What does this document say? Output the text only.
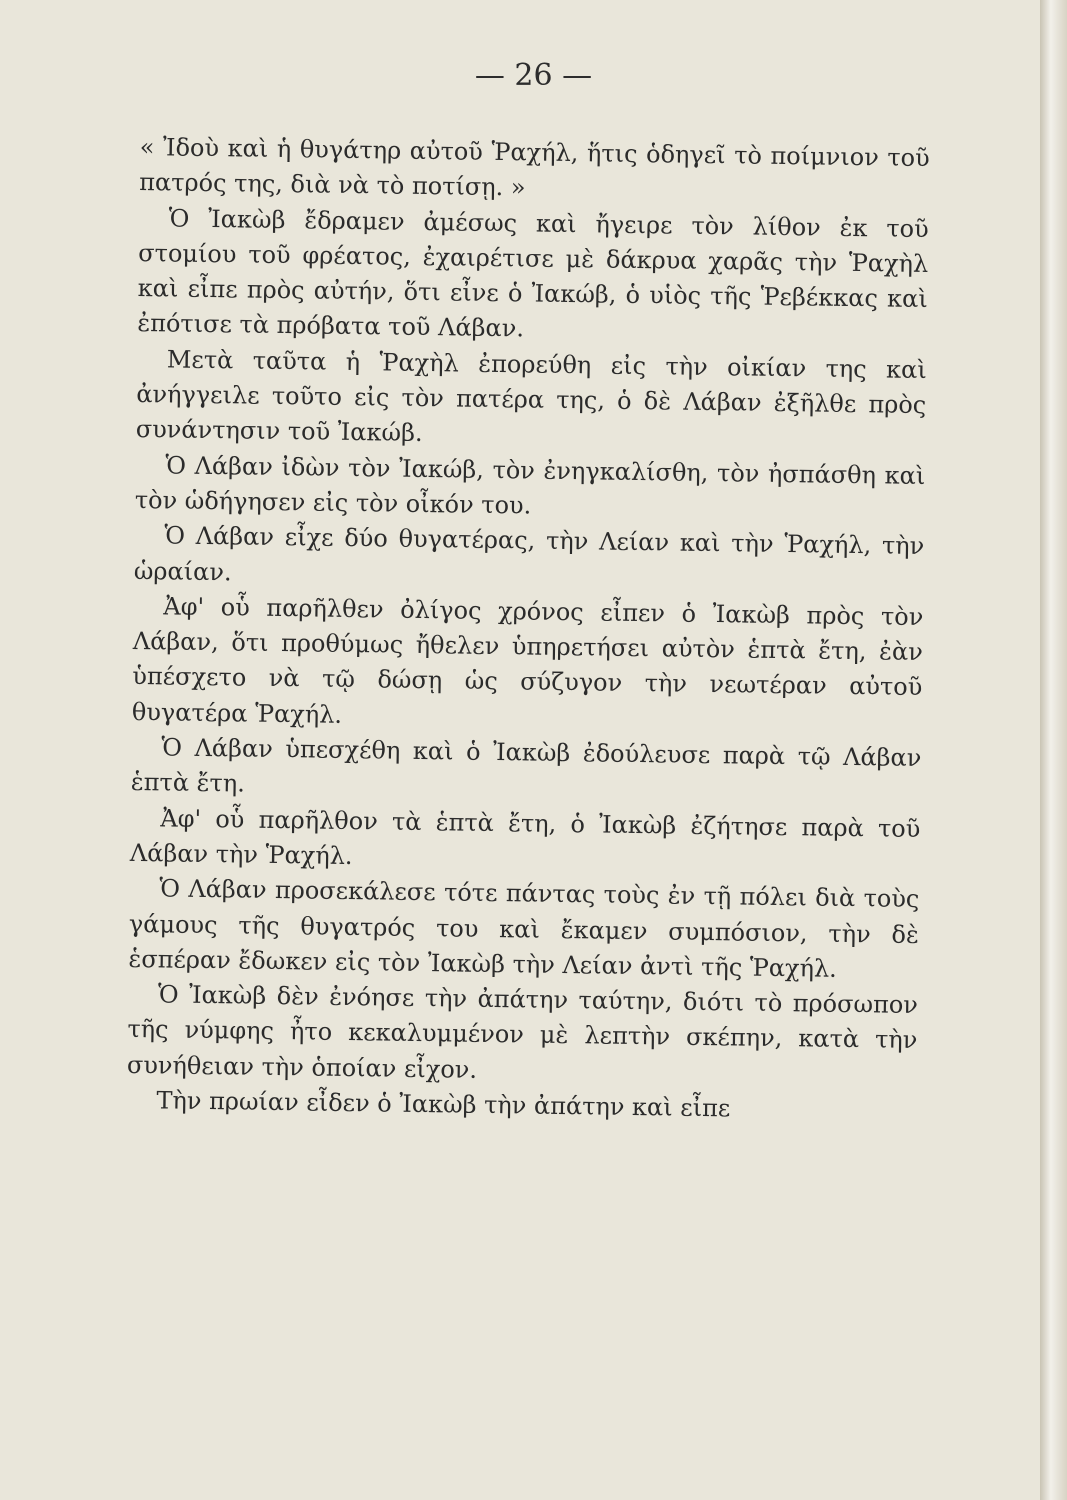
— 26 —

« Ἰδοὺ καὶ ἡ θυγάτηρ αὐτοῦ Ῥαχήλ, ἥτις ὁδηγεῖ τὸ ποίμνιον τοῦ πατρός της, διὰ νὰ τὸ ποτίσῃ. »

Ὁ Ἰακὼβ ἔδραμεν ἀμέσως καὶ ἤγειρε τὸν λίθον ἐκ τοῦ στομίου τοῦ φρέατος, ἐχαιρέτισε μὲ δάκρυα χαρᾶς τὴν Ῥαχὴλ καὶ εἶπε πρὸς αὐτήν, ὅτι εἶνε ὁ Ἰακώβ, ὁ υἱὸς τῆς Ῥεβέκκας καὶ ἐπότισε τὰ πρόβατα τοῦ Λάβαν.

Μετὰ ταῦτα ἡ Ῥαχὴλ ἐπορεύθη εἰς τὴν οἰκίαν της καὶ ἀνήγγειλε τοῦτο εἰς τὸν πατέρα της, ὁ δὲ Λάβαν ἐξῆλθε πρὸς συνάντησιν τοῦ Ἰακώβ.

Ὁ Λάβαν ἰδὼν τὸν Ἰακώβ, τὸν ἐνηγκαλίσθη, τὸν ἠσπάσθη καὶ τὸν ὡδήγησεν εἰς τὸν οἶκόν του.

Ὁ Λάβαν εἶχε δύο θυγατέρας, τὴν Λείαν καὶ τὴν Ῥαχήλ, τὴν ὡραίαν.

Ἀφ' οὗ παρῆλθεν ὀλίγος χρόνος εἶπεν ὁ Ἰακὼβ πρὸς τὸν Λάβαν, ὅτι προθύμως ἤθελεν ὑπηρετήσει αὐτὸν ἑπτὰ ἔτη, ἐὰν ὑπέσχετο νὰ τῷ δώσῃ ὡς σύζυγον τὴν νεωτέραν αὐτοῦ θυγατέρα Ῥαχήλ.

Ὁ Λάβαν ὑπεσχέθη καὶ ὁ Ἰακὼβ ἐδούλευσε παρὰ τῷ Λάβαν ἑπτὰ ἔτη.

Ἀφ' οὗ παρῆλθον τὰ ἑπτὰ ἔτη, ὁ Ἰακὼβ ἐζήτησε παρὰ τοῦ Λάβαν τὴν Ῥαχήλ.

Ὁ Λάβαν προσεκάλεσε τότε πάντας τοὺς ἐν τῇ πόλει διὰ τοὺς γάμους τῆς θυγατρός του καὶ ἔκαμεν συμπόσιον, τὴν δὲ ἑσπέραν ἔδωκεν εἰς τὸν Ἰακὼβ τὴν Λείαν ἀντὶ τῆς Ῥαχήλ.

Ὁ Ἰακὼβ δὲν ἐνόησε τὴν ἀπάτην ταύτην, διότι τὸ πρόσωπον τῆς νύμφης ἦτο κεκαλυμμένον μὲ λεπτὴν σκέπην, κατὰ τὴν συνήθειαν τὴν ὁποίαν εἶχον.

Τὴν πρωίαν εἶδεν ὁ Ἰακὼβ τὴν ἀπάτην καὶ εἶπε
